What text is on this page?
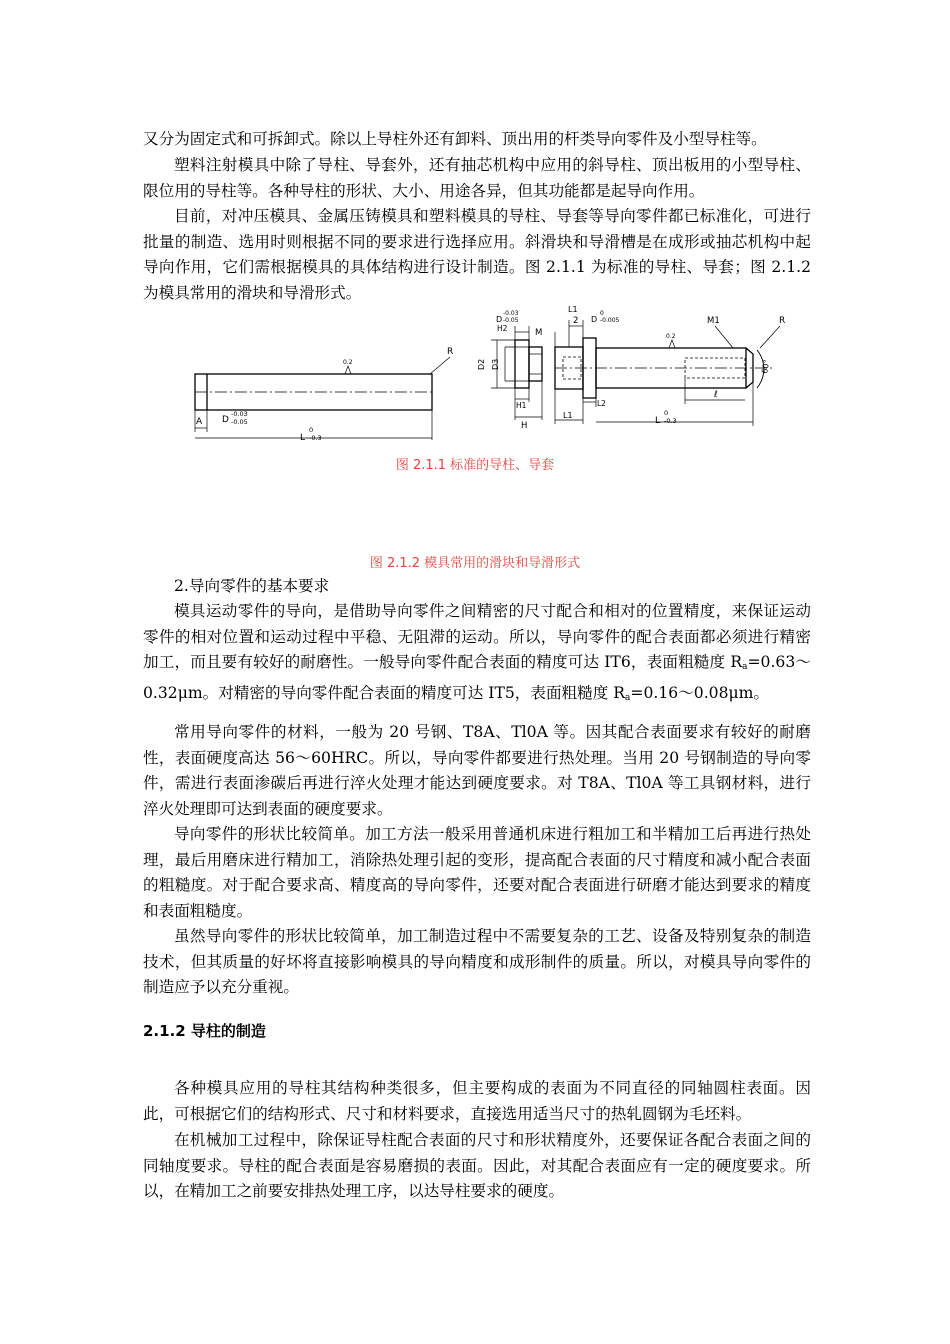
又分为固定式和可拆卸式。除以上导柱外还有卸料、顶出用的杆类导向零件及小型导柱等。

塑料注射模具中除了导柱、导套外，还有抽芯机构中应用的斜导柱、顶出板用的小型导柱、限位用的导柱等。各种导柱的形状、大小、用途各异，但其功能都是起导向作用。

目前，对冲压模具、金属压铸模具和塑料模具的导柱、导套等导向零件都已标准化，可进行批量的制造、选用时则根据不同的要求进行选择应用。斜滑块和导滑槽是在成形或抽芯机构中起导向作用，它们需根据模具的具体结构进行设计制造。图 2.1.1 为标准的导柱、导套；图 2.1.2 为模具常用的滑块和导滑形式。

R
0.2
A D
-0.03
-0.05
L
0
-0.3
D
-0.03
-0.05
H2	M
D2 D3
H1
H
L1
2 D
0
-0.005
L1
L2
0.2
M1	R
ℓ
60°
L
0
-0.3
图 2.1.1 标准的导柱、导套
图 2.1.2 模具常用的滑块和导滑形式

2.导向零件的基本要求

模具运动零件的导向，是借助导向零件之间精密的尺寸配合和相对的位置精度，来保证运动零件的相对位置和运动过程中平稳、无阻滞的运动。所以，导向零件的配合表面都必须进行精密加工，而且要有较好的耐磨性。一般导向零件配合表面的精度可达 IT6，表面粗糙度 $R_a=0.63\sim 0.32\mu m$。对精密的导向零件配合表面的精度可达 IT5，表面粗糙度 $R_a=0.16\sim 0.08\mu m$。

常用导向零件的材料，一般为 20 号钢、T8A、Tl0A 等。因其配合表面要求有较好的耐磨性，表面硬度高达 56～60HRC。所以，导向零件都要进行热处理。当用 20 号钢制造的导向零件，需进行表面渗碳后再进行淬火处理才能达到硬度要求。对 T8A、Tl0A 等工具钢材料，进行淬火处理即可达到表面的硬度要求。

导向零件的形状比较简单。加工方法一般采用普通机床进行粗加工和半精加工后再进行热处理，最后用磨床进行精加工，消除热处理引起的变形，提高配合表面的尺寸精度和减小配合表面的粗糙度。对于配合要求高、精度高的导向零件，还要对配合表面进行研磨才能达到要求的精度和表面粗糙度。

虽然导向零件的形状比较简单，加工制造过程中不需要复杂的工艺、设备及特别复杂的制造技术，但其质量的好坏将直接影响模具的导向精度和成形制件的质量。所以，对模具导向零件的制造应予以充分重视。

2.1.2 导柱的制造

各种模具应用的导柱其结构种类很多，但主要构成的表面为不同直径的同轴圆柱表面。因此，可根据它们的结构形式、尺寸和材料要求，直接选用适当尺寸的热轧圆钢为毛坯料。

在机械加工过程中，除保证导柱配合表面的尺寸和形状精度外，还要保证各配合表面之间的同轴度要求。导柱的配合表面是容易磨损的表面。因此，对其配合表面应有一定的硬度要求。所以，在精加工之前要安排热处理工序，以达导柱要求的硬度。
